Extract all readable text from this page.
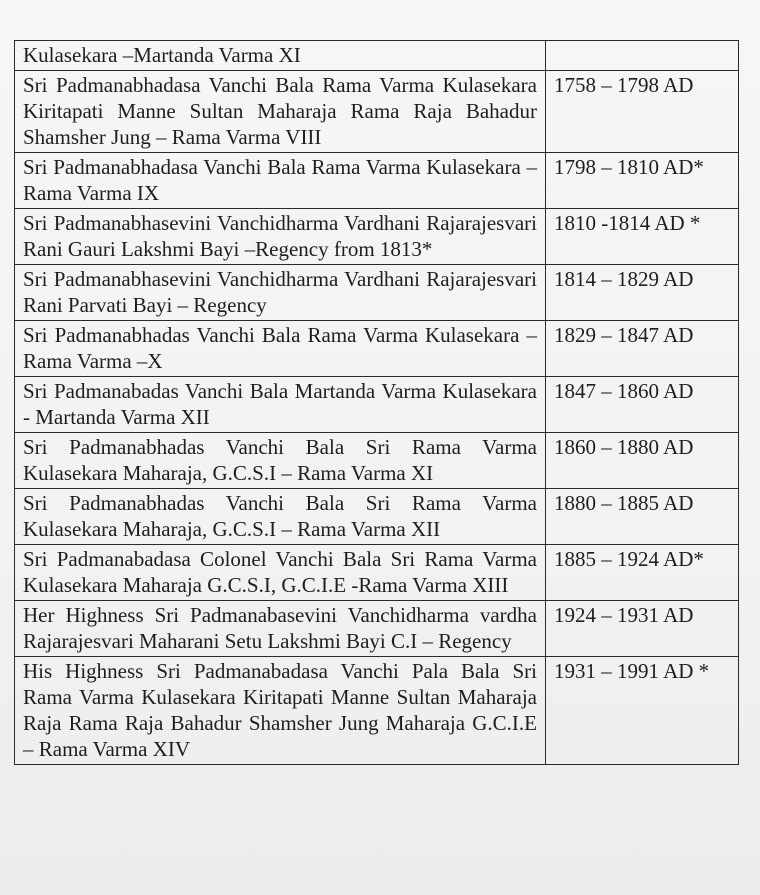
Kulasekara –Martanda Varma XI	
Sri Padmanabhadasa Vanchi Bala Rama Varma Kulasekara Kiritapati Manne Sultan Maharaja Rama Raja Bahadur Shamsher Jung – Rama Varma VIII	1758 – 1798 AD
Sri Padmanabhadasa Vanchi Bala Rama Varma Kulasekara – Rama Varma IX	1798 – 1810 AD*
Sri Padmanabhasevini Vanchidharma Vardhani Rajarajesvari Rani Gauri Lakshmi Bayi –Regency from 1813*	1810 -1814 AD *
Sri Padmanabhasevini Vanchidharma Vardhani Rajarajesvari Rani Parvati Bayi – Regency	1814 – 1829 AD
Sri Padmanabhadas Vanchi Bala Rama Varma Kulasekara – Rama Varma –X	1829 – 1847 AD
Sri Padmanabadas Vanchi Bala Martanda Varma Kulasekara - Martanda Varma XII	1847 – 1860 AD
Sri Padmanabhadas Vanchi Bala Sri Rama Varma Kulasekara Maharaja, G.C.S.I – Rama Varma XI	1860 – 1880 AD
Sri Padmanabhadas Vanchi Bala Sri Rama Varma Kulasekara Maharaja, G.C.S.I – Rama Varma XII	1880 – 1885 AD
Sri Padmanabadasa Colonel Vanchi Bala Sri Rama Varma Kulasekara Maharaja G.C.S.I, G.C.I.E -Rama Varma XIII	1885 – 1924 AD*
Her Highness Sri Padmanabasevini Vanchidharma vardha Rajarajesvari Maharani Setu Lakshmi Bayi C.I – Regency	1924 – 1931 AD
His Highness Sri Padmanabadasa Vanchi Pala Bala Sri Rama Varma Kulasekara Kiritapati Manne Sultan Maharaja Raja Rama Raja Bahadur Shamsher Jung Maharaja G.C.I.E – Rama Varma XIV	1931 – 1991 AD *
